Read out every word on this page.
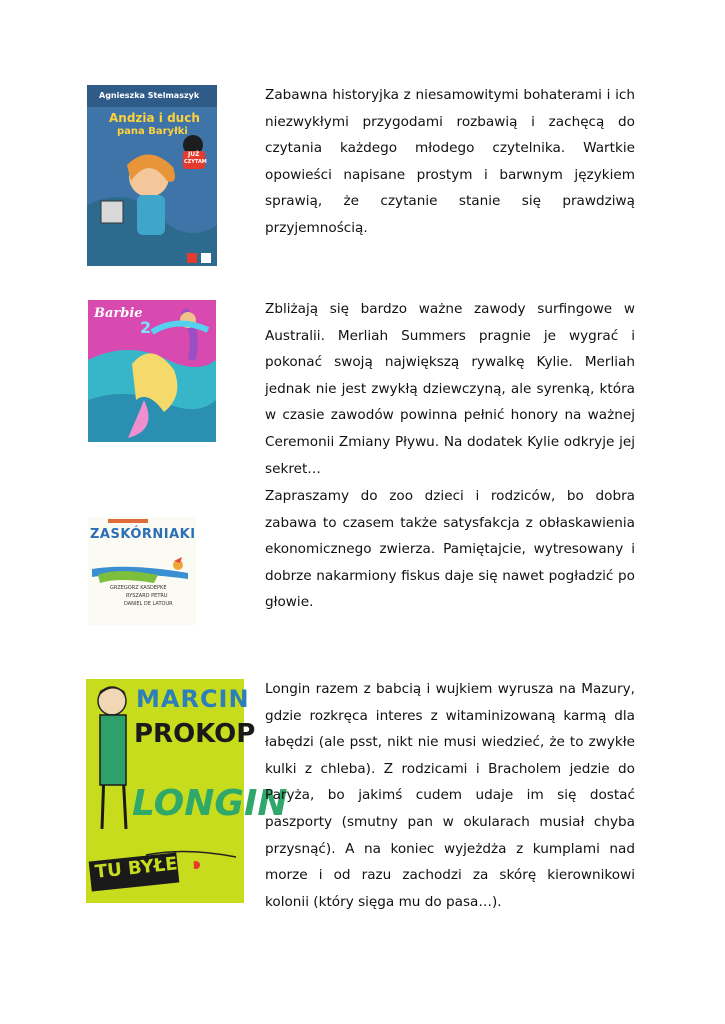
Agnieszka Stelmaszyk
Andzia i duch
pana Baryłki
JUŻ
CZYTAM

Zabawna historyjka z niesamowitymi bohaterami i ich niezwykłymi przygodami rozbawią i zachęcą do czytania każdego młodego czytelnika. Wartkie opowieści napisane prostym i barwnym językiem sprawią, że czytanie stanie się prawdziwą przyjemnością.

Barbie
2

Zbliżają się bardzo ważne zawody surfingowe w Australii. Merliah Summers pragnie je wygrać i pokonać swoją największą rywalkę Kylie. Merliah jednak nie jest zwykłą dziewczyną, ale syrenką, która w czasie zawodów powinna pełnić honory na ważnej Ceremonii Zmiany Pływu. Na dodatek Kylie odkryje jej sekret…

ZASKÓRNIAKI
GRZEGORZ KASDEPKE
RYSZARD PETRU
DANIEL DE LATOUR

Zapraszamy do zoo dzieci i rodziców, bo dobra zabawa to czasem także satysfakcja z obłaskawienia ekonomicznego zwierza. Pamiętajcie, wytresowany i dobrze nakarmiony fiskus daje się nawet pogładzić po głowie.

MARCIN
PROKOP
LONGIN
TU BYŁEM

Longin razem z babcią i wujkiem wyrusza na Mazury, gdzie rozkręca interes z witaminizowaną karmą dla łabędzi (ale psst, nikt nie musi wiedzieć, że to zwykłe kulki z chleba). Z rodzicami i Bracholem jedzie do Paryża, bo jakimś cudem udaje im się dostać paszporty (smutny pan w okularach musiał chyba przysnąć). A na koniec wyjeżdża z kumplami nad morze i od razu zachodzi za skórę kierownikowi kolonii (który sięga mu do pasa…).
